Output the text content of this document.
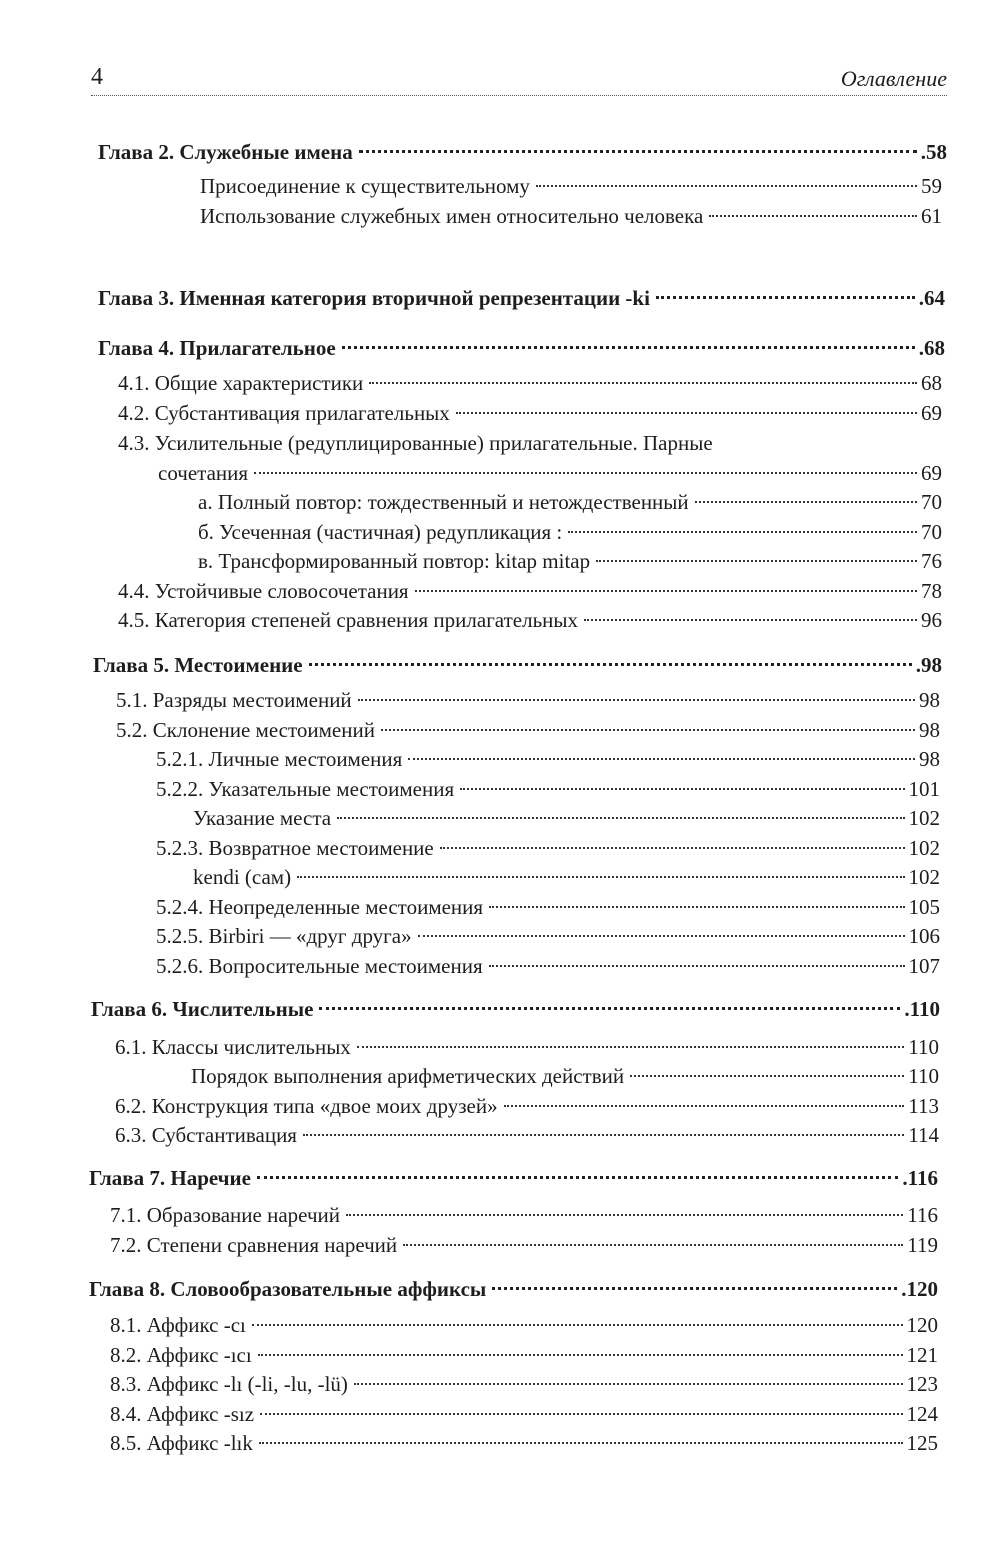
4	Оглавление
Глава 2. Служебные имена	.58
Присоединение к существительному	59
Использование служебных имен относительно человека	61
Глава 3. Именная категория вторичной репрезентации -ki	.64
Глава 4. Прилагательное	.68
4.1. Общие характеристики	68
4.2. Субстантивация прилагательных	69
4.3. Усилительные (редуплицированные) прилагательные. Парные
сочетания	69
а. Полный повтор: тождественный и нетождественный	70
б. Усеченная (частичная) редупликация :	70
в. Трансформированный повтор: kitap mitap	76
4.4. Устойчивые словосочетания	78
4.5. Категория степеней сравнения прилагательных	96
Глава 5. Местоимение	.98
5.1. Разряды местоимений	98
5.2. Склонение местоимений	98
5.2.1. Личные местоимения	98
5.2.2. Указательные местоимения	101
Указание места	102
5.2.3. Возвратное местоимение	102
kendi (сам)	102
5.2.4. Неопределенные местоимения	105
5.2.5. Birbiri — «друг друга»	106
5.2.6. Вопросительные местоимения	107
Глава 6. Числительные	.110
6.1. Классы числительных	110
Порядок выполнения арифметических действий	110
6.2. Конструкция типа «двое моих друзей»	113
6.3. Субстантивация	114
Глава 7. Наречие	.116
7.1. Образование наречий	116
7.2. Степени сравнения наречий	119
Глава 8. Словообразовательные аффиксы	.120
8.1. Аффикс -cı	120
8.2. Аффикс -ıcı	121
8.3. Аффикс -lı (-li, -lu, -lü)	123
8.4. Аффикс -sız	124
8.5. Аффикс -lık	125
